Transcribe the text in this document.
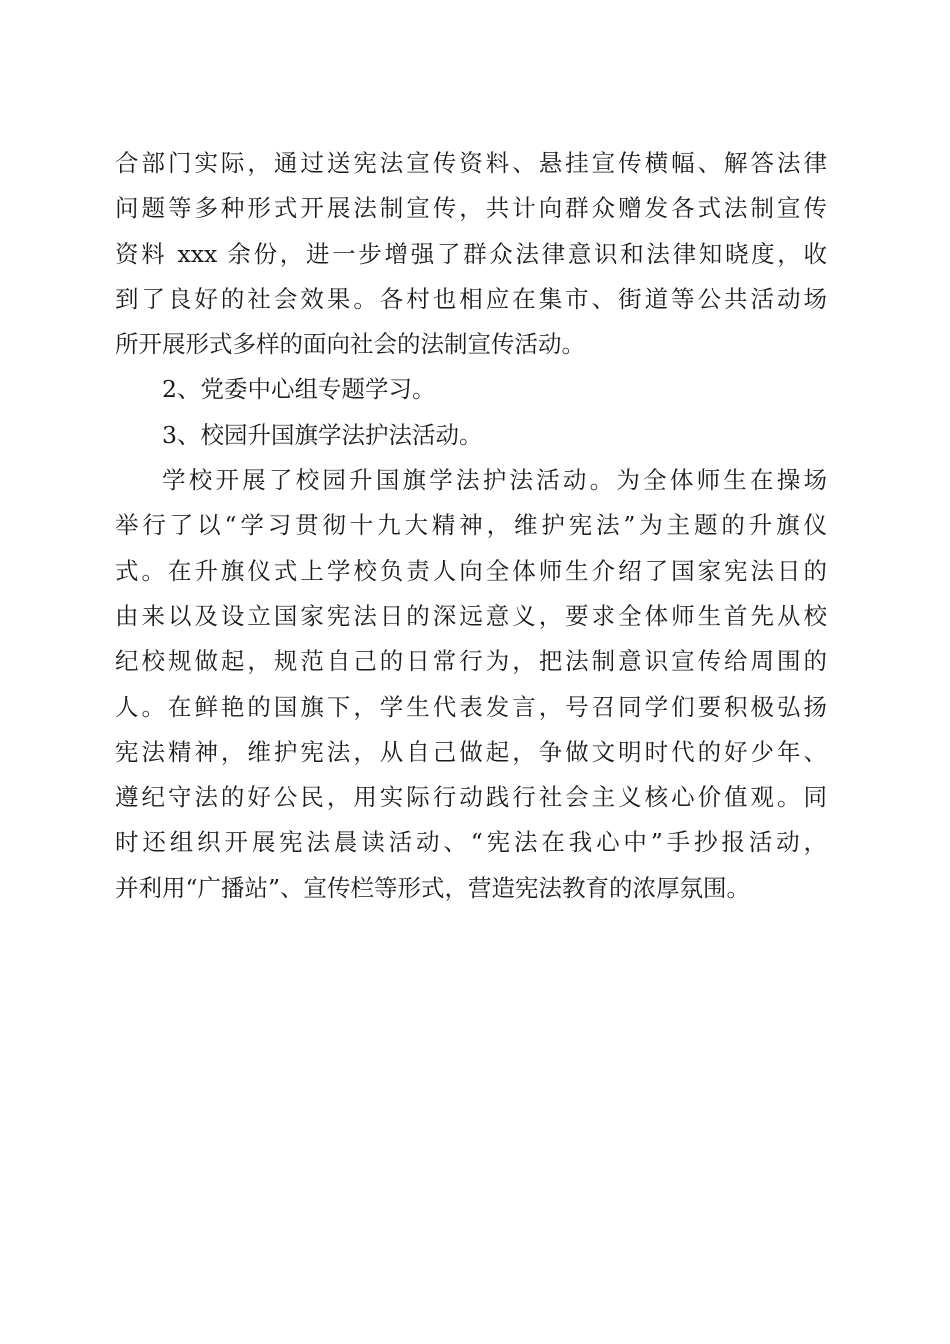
合部门实际，通过送宪法宣传资料、悬挂宣传横幅、解答法律
问题等多种形式开展法制宣传，共计向群众赠发各式法制宣传
资料 xxx 余份，进一步增强了群众法律意识和法律知晓度，收
到了良好的社会效果。各村也相应在集市、街道等公共活动场
所开展形式多样的面向社会的法制宣传活动。
2、党委中心组专题学习。
3、校园升国旗学法护法活动。
学校开展了校园升国旗学法护法活动。为全体师生在操场
举行了以“学习贯彻十九大精神，维护宪法”为主题的升旗仪
式。在升旗仪式上学校负责人向全体师生介绍了国家宪法日的
由来以及设立国家宪法日的深远意义，要求全体师生首先从校
纪校规做起，规范自己的日常行为，把法制意识宣传给周围的
人。在鲜艳的国旗下，学生代表发言，号召同学们要积极弘扬
宪法精神，维护宪法，从自己做起，争做文明时代的好少年、
遵纪守法的好公民，用实际行动践行社会主义核心价值观。同
时还组织开展宪法晨读活动、“宪法在我心中”手抄报活动，
并利用“广播站”、宣传栏等形式，营造宪法教育的浓厚氛围。
